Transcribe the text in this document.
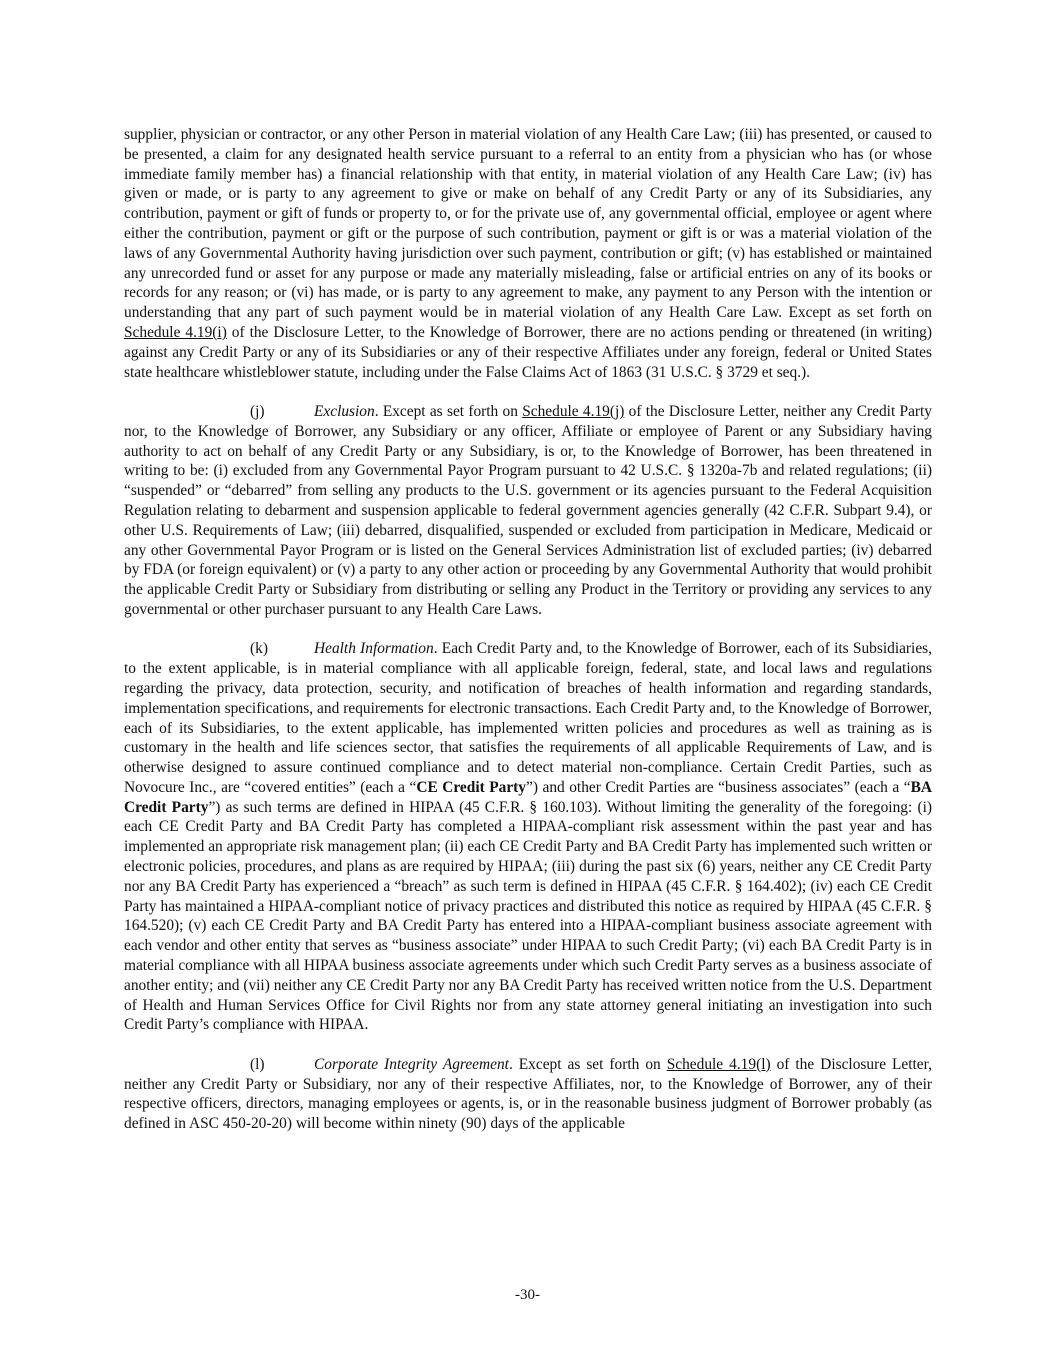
supplier, physician or contractor, or any other Person in material violation of any Health Care Law; (iii) has presented, or caused to be presented, a claim for any designated health service pursuant to a referral to an entity from a physician who has (or whose immediate family member has) a financial relationship with that entity, in material violation of any Health Care Law; (iv) has given or made, or is party to any agreement to give or make on behalf of any Credit Party or any of its Subsidiaries, any contribution, payment or gift of funds or property to, or for the private use of, any governmental official, employee or agent where either the contribution, payment or gift or the purpose of such contribution, payment or gift is or was a material violation of the laws of any Governmental Authority having jurisdiction over such payment, contribution or gift; (v) has established or maintained any unrecorded fund or asset for any purpose or made any materially misleading, false or artificial entries on any of its books or records for any reason; or (vi) has made, or is party to any agreement to make, any payment to any Person with the intention or understanding that any part of such payment would be in material violation of any Health Care Law. Except as set forth on Schedule 4.19(i) of the Disclosure Letter, to the Knowledge of Borrower, there are no actions pending or threatened (in writing) against any Credit Party or any of its Subsidiaries or any of their respective Affiliates under any foreign, federal or United States state healthcare whistleblower statute, including under the False Claims Act of 1863 (31 U.S.C. § 3729 et seq.).

(j)	Exclusion. Except as set forth on Schedule 4.19(j) of the Disclosure Letter, neither any Credit Party nor, to the Knowledge of Borrower, any Subsidiary or any officer, Affiliate or employee of Parent or any Subsidiary having authority to act on behalf of any Credit Party or any Subsidiary, is or, to the Knowledge of Borrower, has been threatened in writing to be: (i) excluded from any Governmental Payor Program pursuant to 42 U.S.C. § 1320a-7b and related regulations; (ii) “suspended” or “debarred” from selling any products to the U.S. government or its agencies pursuant to the Federal Acquisition Regulation relating to debarment and suspension applicable to federal government agencies generally (42 C.F.R. Subpart 9.4), or other U.S. Requirements of Law; (iii) debarred, disqualified, suspended or excluded from participation in Medicare, Medicaid or any other Governmental Payor Program or is listed on the General Services Administration list of excluded parties; (iv) debarred by FDA (or foreign equivalent) or (v) a party to any other action or proceeding by any Governmental Authority that would prohibit the applicable Credit Party or Subsidiary from distributing or selling any Product in the Territory or providing any services to any governmental or other purchaser pursuant to any Health Care Laws.

(k)	Health Information. Each Credit Party and, to the Knowledge of Borrower, each of its Subsidiaries, to the extent applicable, is in material compliance with all applicable foreign, federal, state, and local laws and regulations regarding the privacy, data protection, security, and notification of breaches of health information and regarding standards, implementation specifications, and requirements for electronic transactions. Each Credit Party and, to the Knowledge of Borrower, each of its Subsidiaries, to the extent applicable, has implemented written policies and procedures as well as training as is customary in the health and life sciences sector, that satisfies the requirements of all applicable Requirements of Law, and is otherwise designed to assure continued compliance and to detect material non-compliance. Certain Credit Parties, such as Novocure Inc., are “covered entities” (each a “CE Credit Party”) and other Credit Parties are “business associates” (each a “BA Credit Party”) as such terms are defined in HIPAA (45 C.F.R. § 160.103). Without limiting the generality of the foregoing: (i) each CE Credit Party and BA Credit Party has completed a HIPAA-compliant risk assessment within the past year and has implemented an appropriate risk management plan; (ii) each CE Credit Party and BA Credit Party has implemented such written or electronic policies, procedures, and plans as are required by HIPAA; (iii) during the past six (6) years, neither any CE Credit Party nor any BA Credit Party has experienced a “breach” as such term is defined in HIPAA (45 C.F.R. § 164.402); (iv) each CE Credit Party has maintained a HIPAA-compliant notice of privacy practices and distributed this notice as required by HIPAA (45 C.F.R. § 164.520); (v) each CE Credit Party and BA Credit Party has entered into a HIPAA-compliant business associate agreement with each vendor and other entity that serves as “business associate” under HIPAA to such Credit Party; (vi) each BA Credit Party is in material compliance with all HIPAA business associate agreements under which such Credit Party serves as a business associate of another entity; and (vii) neither any CE Credit Party nor any BA Credit Party has received written notice from the U.S. Department of Health and Human Services Office for Civil Rights nor from any state attorney general initiating an investigation into such Credit Party’s compliance with HIPAA.

(l)	Corporate Integrity Agreement. Except as set forth on Schedule 4.19(l) of the Disclosure Letter, neither any Credit Party or Subsidiary, nor any of their respective Affiliates, nor, to the Knowledge of Borrower, any of their respective officers, directors, managing employees or agents, is, or in the reasonable business judgment of Borrower probably (as defined in ASC 450-20-20) will become within ninety (90) days of the applicable

-30-
